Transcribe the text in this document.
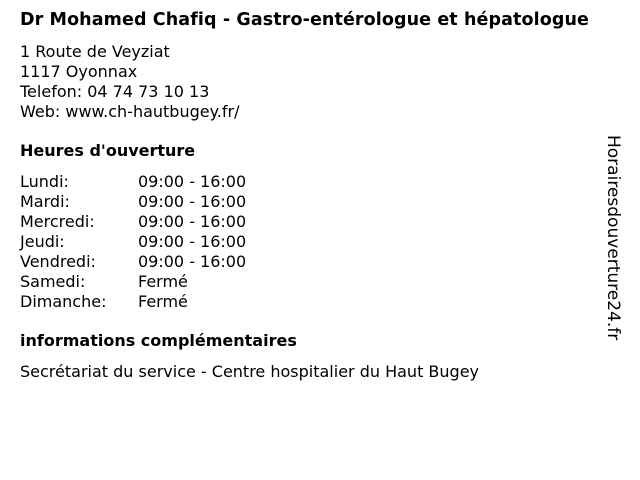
Dr Mohamed Chafiq - Gastro-entérologue et hépatologue
1 Route de Veyziat
1117 Oyonnax
Telefon: 04 74 73 10 13
Web: www.ch-hautbugey.fr/
Heures d'ouverture
Lundi:	09:00 - 16:00
Mardi:	09:00 - 16:00
Mercredi:	09:00 - 16:00
Jeudi:	09:00 - 16:00
Vendredi:	09:00 - 16:00
Samedi:	Fermé
Dimanche:	Fermé
informations complémentaires
Secrétariat du service - Centre hospitalier du Haut Bugey
Horairesdouverture24.fr
